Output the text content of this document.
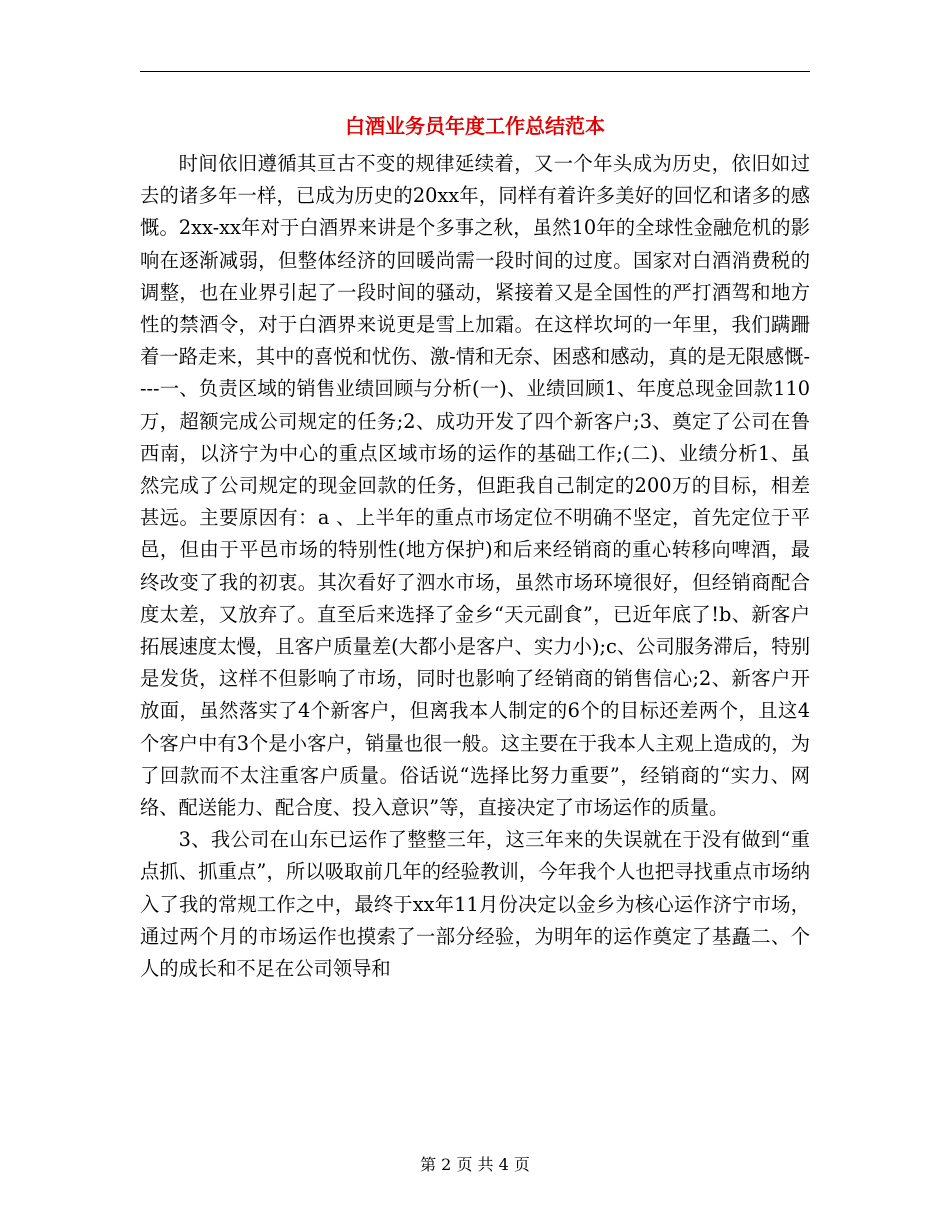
白酒业务员年度工作总结范本

时间依旧遵循其亘古不变的规律延续着，又一个年头成为历史，依旧如过去的诸多年一样，已成为历史的20xx年，同样有着许多美好的回忆和诸多的感慨。2xx-xx年对于白酒界来讲是个多事之秋，虽然10年的全球性金融危机的影响在逐渐减弱，但整体经济的回暖尚需一段时间的过度。国家对白酒消费税的调整，也在业界引起了一段时间的骚动，紧接着又是全国性的严打酒驾和地方性的禁酒令，对于白酒界来说更是雪上加霜。在这样坎坷的一年里，我们蹒跚着一路走来，其中的喜悦和忧伤、激-情和无奈、困惑和感动，真的是无限感慨----一、负责区域的销售业绩回顾与分析(一)、业绩回顾1、年度总现金回款110万，超额完成公司规定的任务;2、成功开发了四个新客户;3、奠定了公司在鲁西南，以济宁为中心的重点区域市场的运作的基础工作;(二)、业绩分析1、虽然完成了公司规定的现金回款的任务，但距我自己制定的200万的目标，相差甚远。主要原因有：a 、上半年的重点市场定位不明确不坚定，首先定位于平邑，但由于平邑市场的特别性(地方保护)和后来经销商的重心转移向啤酒，最终改变了我的初衷。其次看好了泗水市场，虽然市场环境很好，但经销商配合度太差，又放弃了。直至后来选择了金乡“天元副食”，已近年底了!b、新客户拓展速度太慢，且客户质量差(大都小是客户、实力小);c、公司服务滞后，特别是发货，这样不但影响了市场，同时也影响了经销商的销售信心;2、新客户开放面，虽然落实了4个新客户，但离我本人制定的6个的目标还差两个，且这4个客户中有3个是小客户，销量也很一般。这主要在于我本人主观上造成的，为了回款而不太注重客户质量。俗话说“选择比努力重要”，经销商的“实力、网络、配送能力、配合度、投入意识”等，直接决定了市场运作的质量。

3、我公司在山东已运作了整整三年，这三年来的失误就在于没有做到“重点抓、抓重点”，所以吸取前几年的经验教训，今年我个人也把寻找重点市场纳入了我的常规工作之中，最终于xx年11月份决定以金乡为核心运作济宁市场，通过两个月的市场运作也摸索了一部分经验，为明年的运作奠定了基矗二、个人的成长和不足在公司领导和

第 2 页 共 4 页
